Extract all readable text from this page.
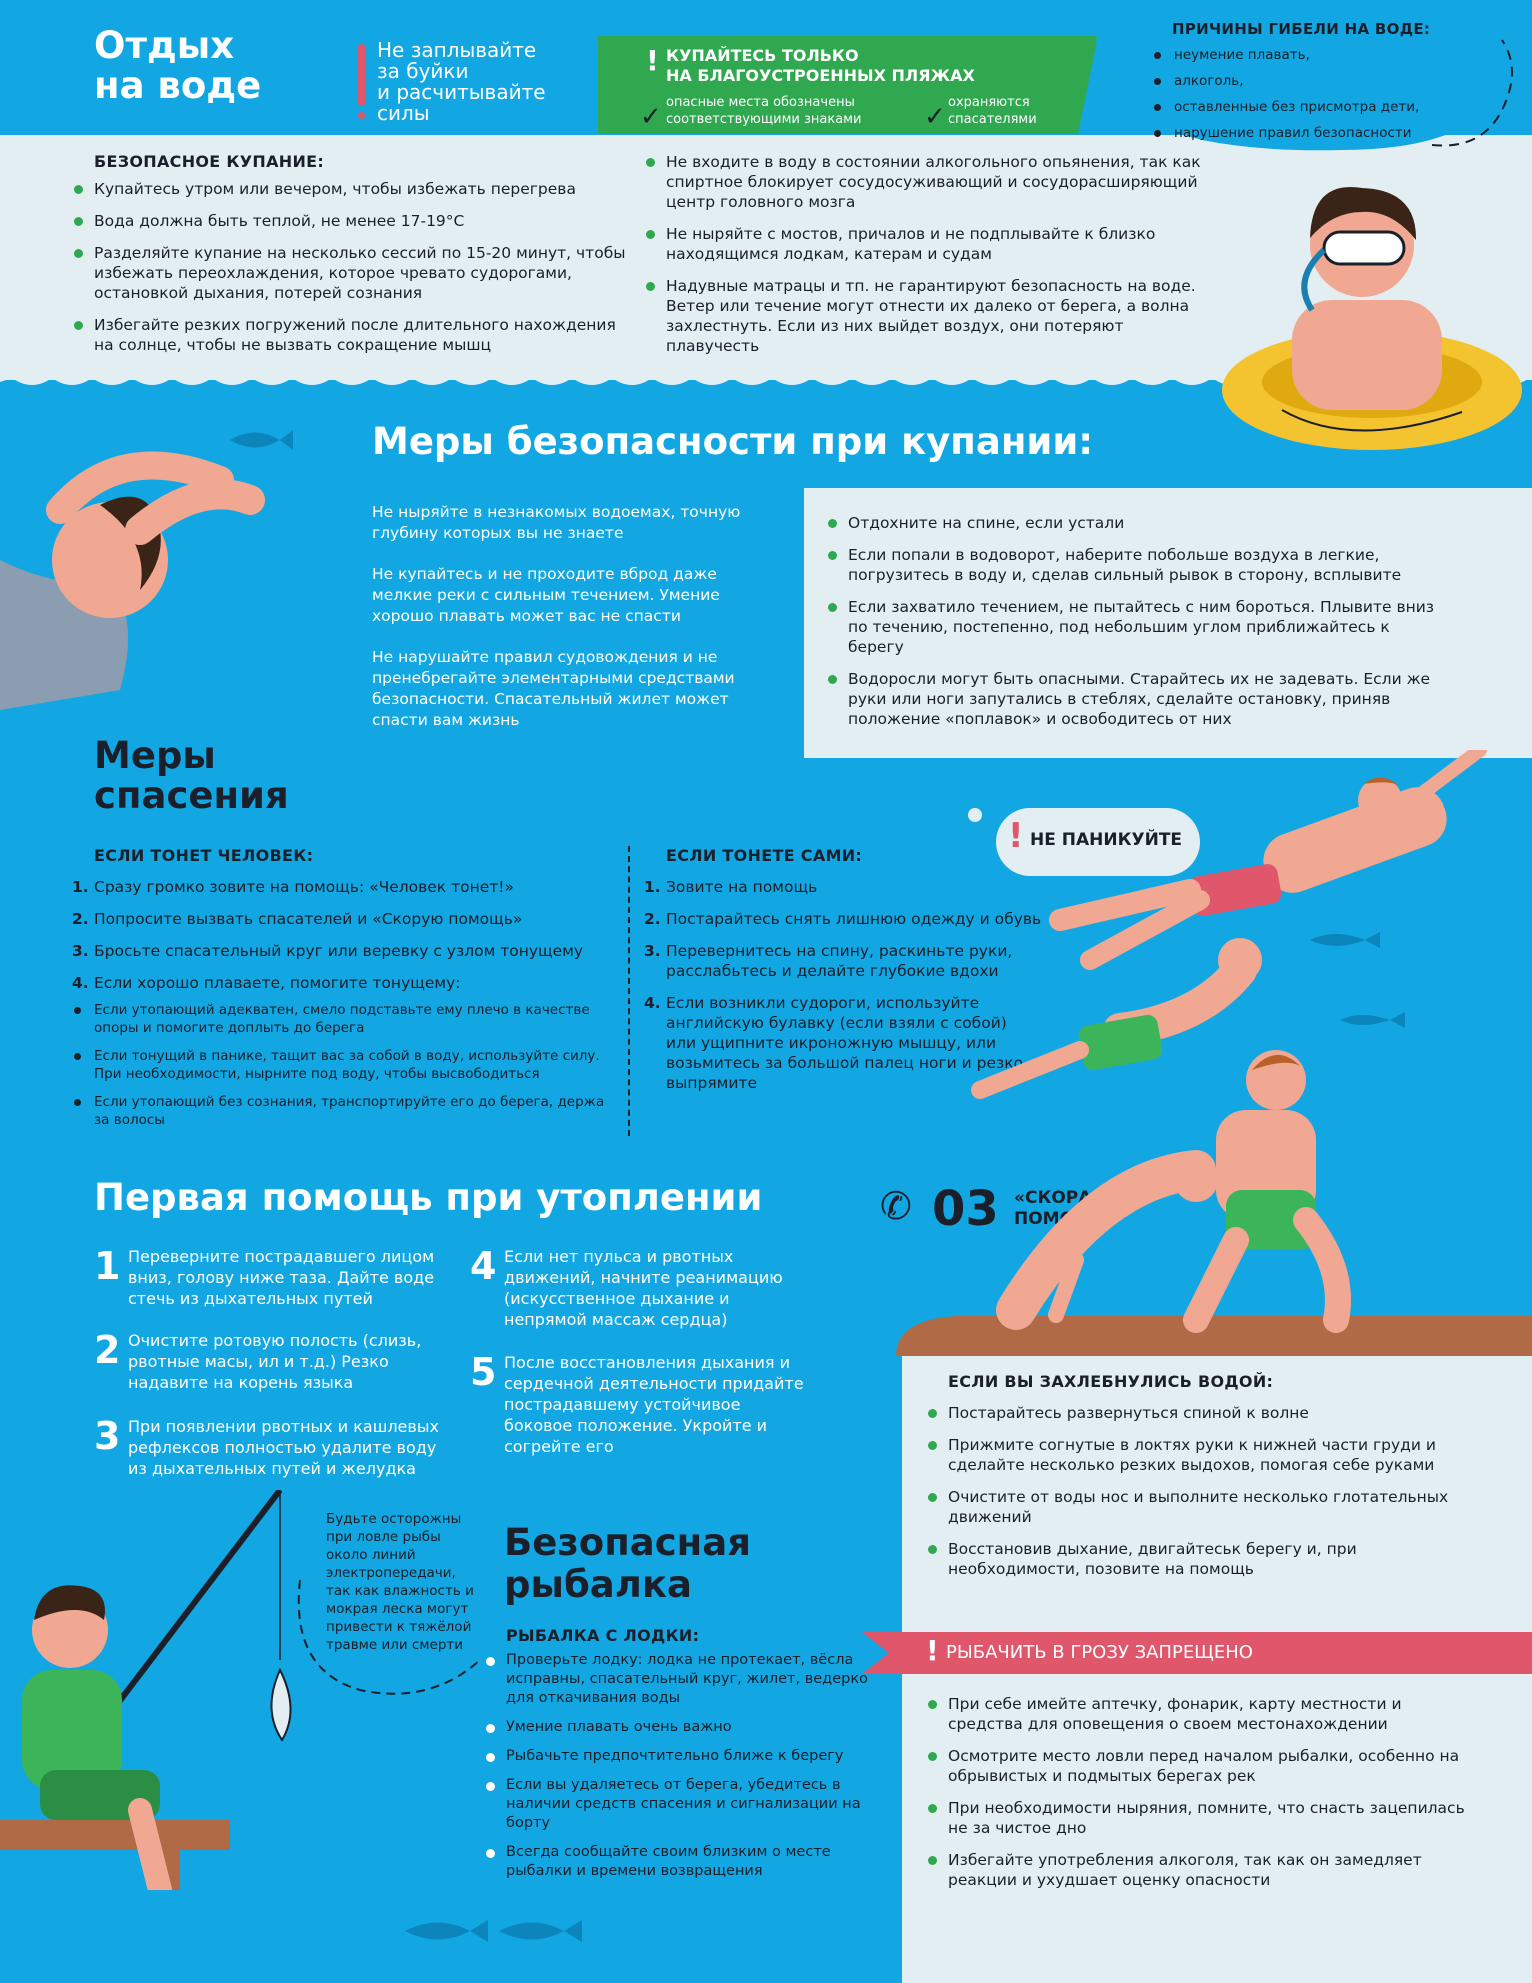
Отдых
на воде
Не заплывайте
за буйки
и расчитывайте
силы
! КУПАЙТЕСЬ ТОЛЬКО
НА БЛАГОУСТРОЕННЫХ ПЛЯЖАХ
опасные места обозначены
соответствующими знаками
✓	✓ охраняются
спасателями
БЕЗОПАСНОЕ КУПАНИЕ:
Купайтесь утром или вечером, чтобы избежать перегрева
Вода должна быть теплой, не менее 17-19°С
Разделяйте купание на несколько сессий по 15-20 минут, чтобы избежать переохлаждения, которое чревато судорогами, остановкой дыхания, потерей сознания
Избегайте резких погружений после длительного нахождения на солнце, чтобы не вызвать сокращение мышц
Не входите в воду в состоянии алкогольного опьянения, так как спиртное блокирует сосудосуживающий и сосудорасширяющий центр головного мозга
Не ныряйте с мостов, причалов и не подплывайте к близко находящимся лодкам, катерам и судам
Надувные матрацы и тп. не гарантируют безопасность на воде. Ветер или течение могут отнести их далеко от берега, а волна захлестнуть. Если из них выйдет воздух, они потеряют плавучесть
ПРИЧИНЫ ГИБЕЛИ НА ВОДЕ:
неумение плавать,
алкоголь,
оставленные без присмотра дети,
нарушение правил безопасности
Меры безопасности при купании:
Не ныряйте в незнакомых водоемах, точную глубину которых вы не знаете
Не купайтесь и не проходите вброд даже мелкие реки с сильным течением. Умение хорошо плавать может вас не спасти
Не нарушайте правил судовождения и не пренебрегайте элементарными средствами безопасности. Спасательный жилет может спасти вам жизнь
Отдохните на спине, если устали
Если попали в водоворот, наберите побольше воздуха в легкие, погрузитесь в воду и, сделав сильный рывок в сторону, всплывите
Если захватило течением, не пытайтесь с ним бороться. Плывите вниз по течению, постепенно, под небольшим углом приближайтесь к берегу
Водоросли могут быть опасными. Старайтесь их не задевать. Если же руки или ноги запутались в стеблях, сделайте остановку, приняв положение «поплавок» и освободитесь от них
Меры
спасения
ЕСЛИ ТОНЕТ ЧЕЛОВЕК:
Сразу громко зовите на помощь: «Человек тонет!»
Попросите вызвать спасателей и «Скорую помощь»
Бросьте спасательный круг или веревку с узлом тонущему
Если хорошо плаваете, помогите тонущему:
Если утопающий адекватен, смело подставьте ему плечо в качестве опоры и помогите доплыть до берега
Если тонущий в панике, тащит вас за собой в воду, используйте силу. При необходимости, нырните под воду, чтобы высвободиться
Если утопающий без сознания, транспортируйте его до берега, держа за волосы
ЕСЛИ ТОНЕТЕ САМИ:
Зовите на помощь
Постарайтесь снять лишнюю одежду и обувь
Перевернитесь на спину, раскиньте руки, расслабьтесь и делайте глубокие вдохи
Если возникли судороги, используйте английскую булавку (если взяли с собой) или ущипните икроножную мышцу, или возьмитесь за большой палец ноги и резко выпрямите
! НЕ ПАНИКУЙТЕ
Первая помощь при утоплении
1 Переверните пострадавшего лицом вниз, голову ниже таза. Дайте воде стечь из дыхательных путей
2 Очистите ротовую полость (слизь, рвотные масы, ил и т.д.) Резко надавите на корень языка
3 При появлении рвотных и кашлевых рефлексов полностью удалите воду из дыхательных путей и желудка
4 Если нет пульса и рвотных движений, начните реанимацию (искусственное дыхание и непрямой массаж сердца)
5 После восстановления дыхания и сердечной деятельности придайте пострадавшему устойчивое боковое положение. Укройте и согрейте его
✆ 03 «СКОРАЯ
ПОМОЩЬ»
ЕСЛИ ВЫ ЗАХЛЕБНУЛИСЬ ВОДОЙ:
Постарайтесь развернуться спиной к волне
Прижмите согнутые в локтях руки к нижней части груди и сделайте несколько резких выдохов, помогая себе руками
Очистите от воды нос и выполните несколько глотательных движений
Восстановив дыхание, двигайтеськ берегу и, при необходимости, позовите на помощь
! РЫБАЧИТЬ В ГРОЗУ ЗАПРЕЩЕНО
При себе имейте аптечку, фонарик, карту местности и средства для оповещения о своем местонахождении
Осмотрите место ловли перед началом рыбалки, особенно на обрывистых и подмытых берегах рек
При необходимости ныряния, помните, что снасть зацепилась не за чистое дно
Избегайте употребления алкоголя, так как он замедляет реакции и ухудшает оценку опасности
Безопасная
рыбалка
РЫБАЛКА С ЛОДКИ:
Проверьте лодку: лодка не протекает, вёсла исправны, спасательный круг, жилет, ведерко для откачивания воды
Умение плавать очень важно
Рыбачьте предпочтительно ближе к берегу
Если вы удаляетесь от берега, убедитесь в наличии средств спасения и сигнализации на борту
Всегда сообщайте своим близким о месте рыбалки и времени возвращения
Будьте осторожны при ловле рыбы около линий электропередачи, так как влажность и мокрая леска могут привести к тяжёлой травме или смерти
